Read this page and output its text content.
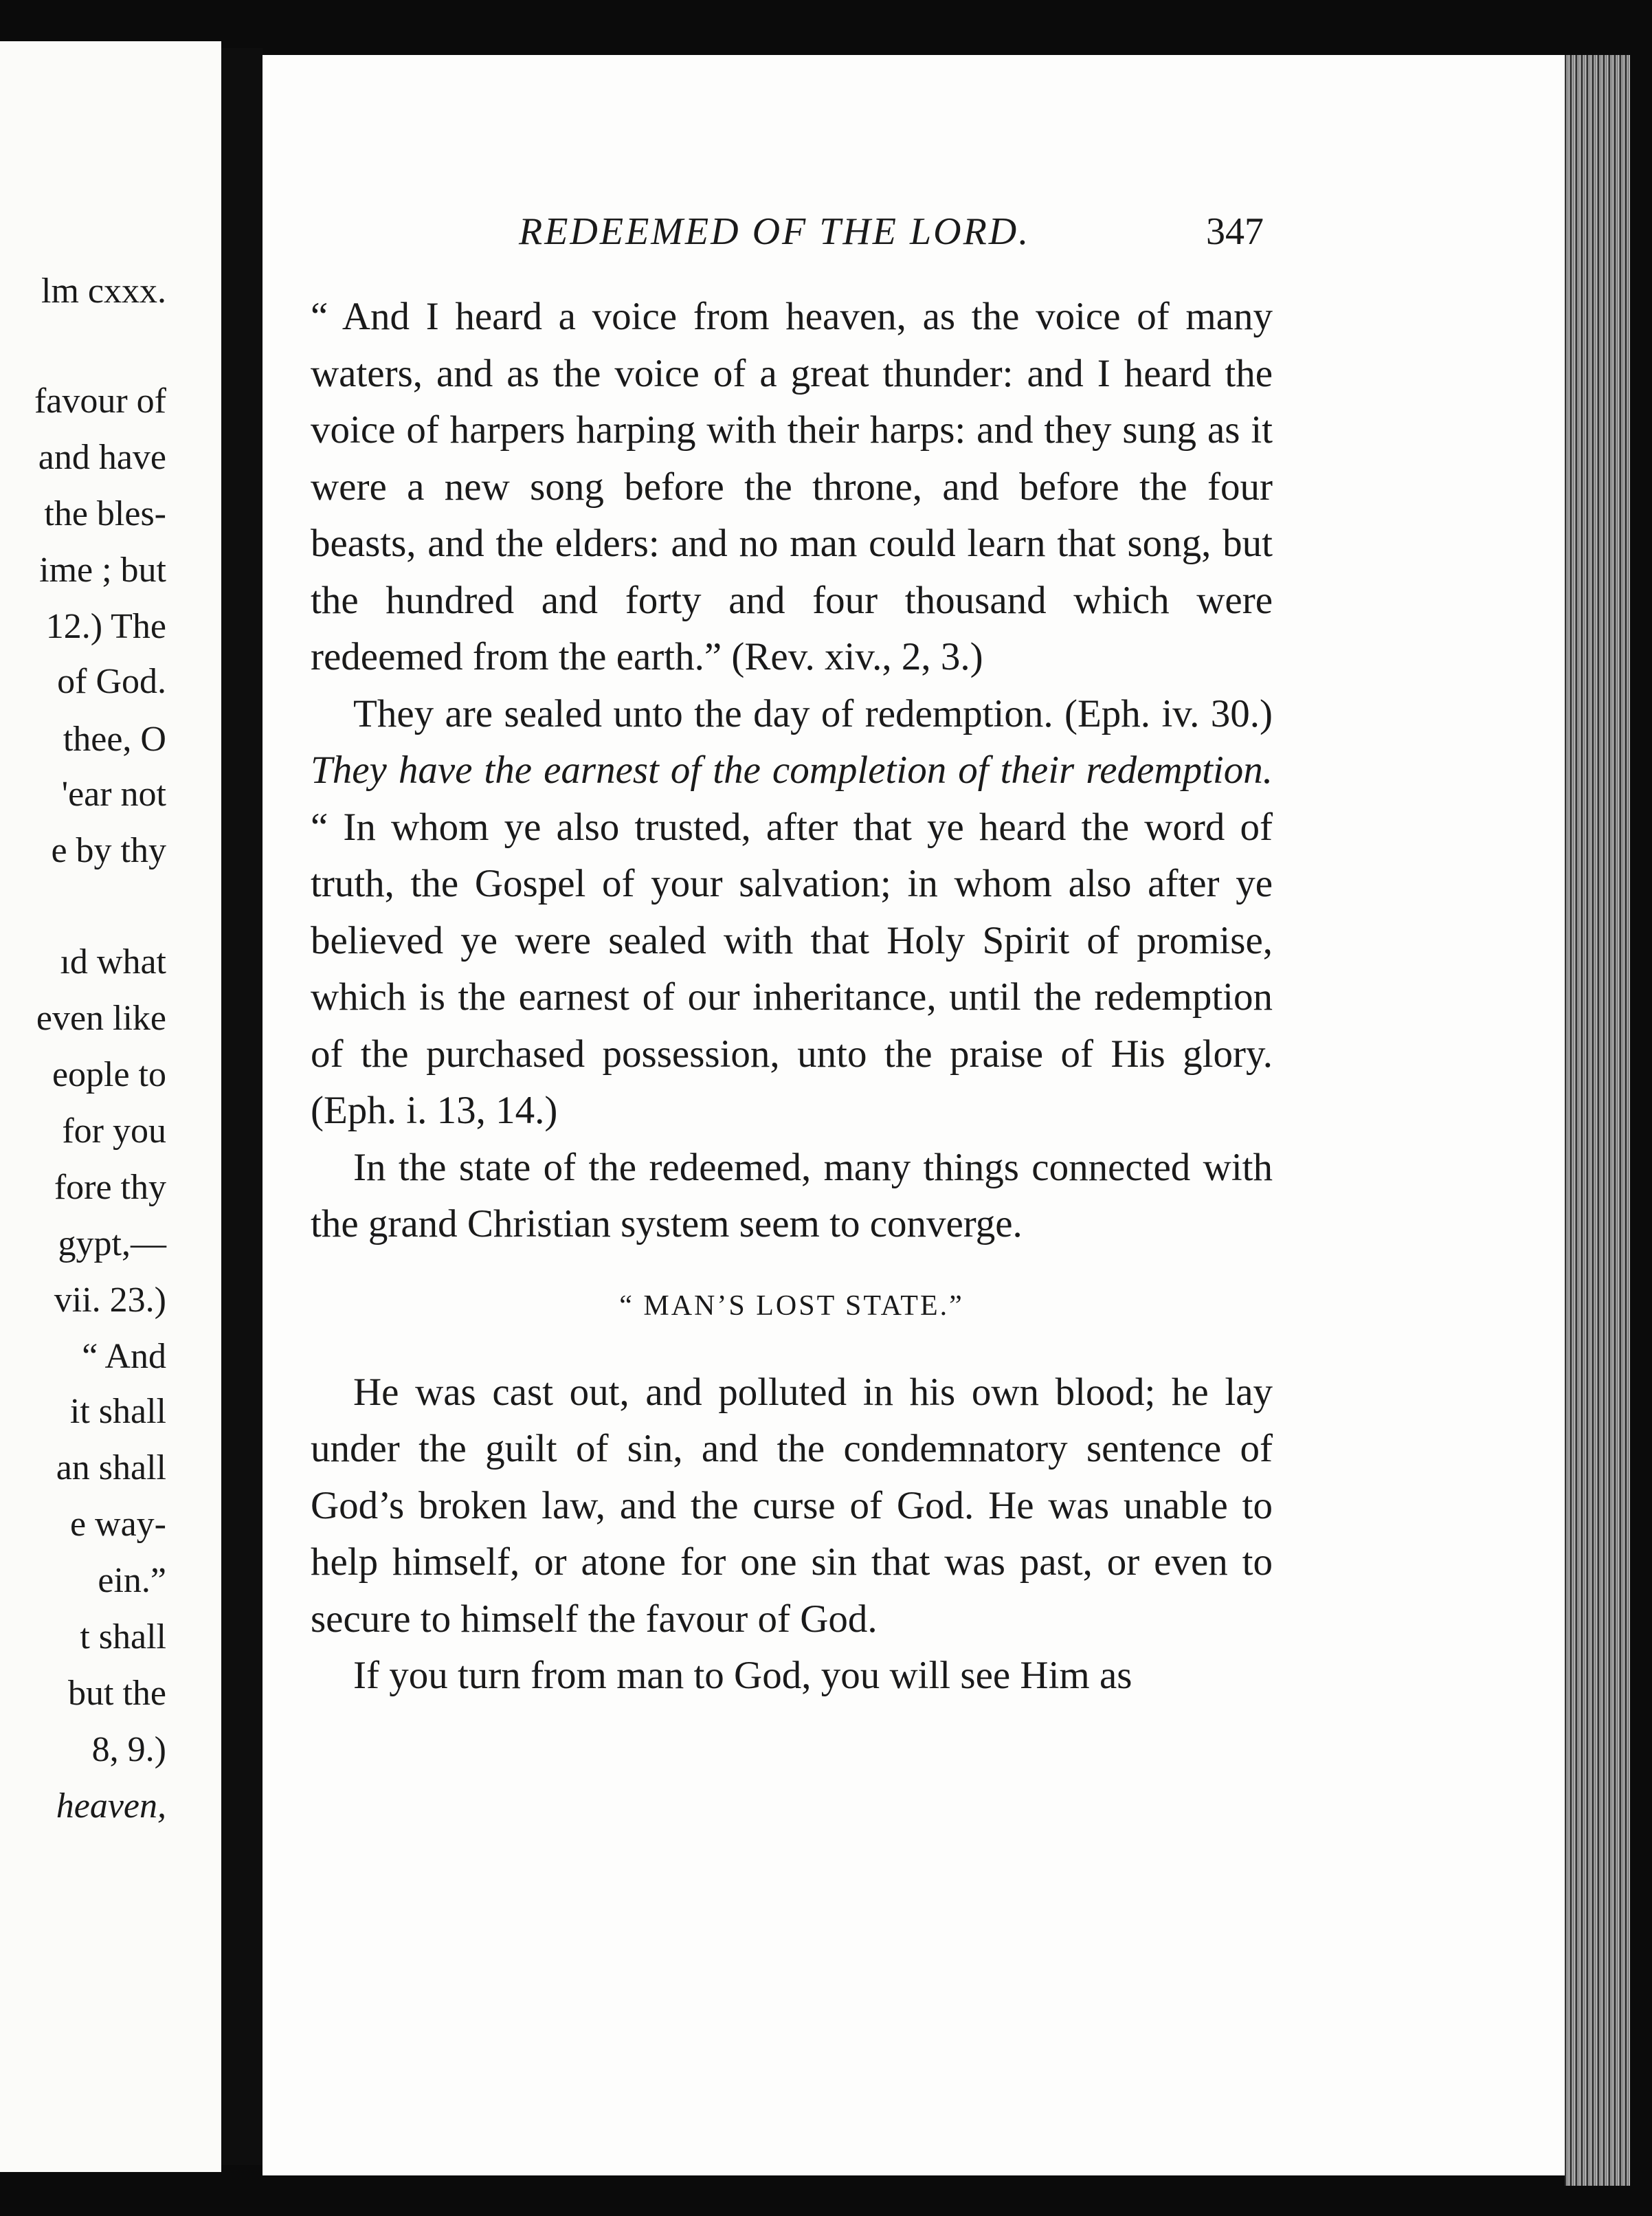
lm cxxx.
favour of
and have
the bles-
ime ; but
12.) The
of God.
thee, O
'ear not
e by thy
ıd what
even like
eople to
for you
fore thy
gypt,—
vii. 23.)
“ And
it shall
an shall
e way-
ein.”
t shall
but the
8, 9.)
heaven,
REDEEMED OF THE LORD.	347

“ And I heard a voice from heaven, as the voice of many waters, and as the voice of a great thunder: and I heard the voice of harpers harping with their harps: and they sung as it were a new song before the throne, and before the four beasts, and the elders: and no man could learn that song, but the hundred and forty and four thousand which were redeemed from the earth.” (Rev. xiv., 2, 3.)

They are sealed unto the day of redemption. (Eph. iv. 30.) They have the earnest of the completion of their redemption. “ In whom ye also trusted, after that ye heard the word of truth, the Gospel of your salvation; in whom also after ye believed ye were sealed with that Holy Spirit of promise, which is the earnest of our inheritance, until the redemption of the purchased possession, unto the praise of His glory. (Eph. i. 13, 14.)

In the state of the redeemed, many things connected with the grand Christian system seem to converge.

“ MAN’S LOST STATE.”

He was cast out, and polluted in his own blood; he lay under the guilt of sin, and the condemnatory sentence of God’s broken law, and the curse of God. He was unable to help himself, or atone for one sin that was past, or even to secure to himself the favour of God.

If you turn from man to God, you will see Him as
